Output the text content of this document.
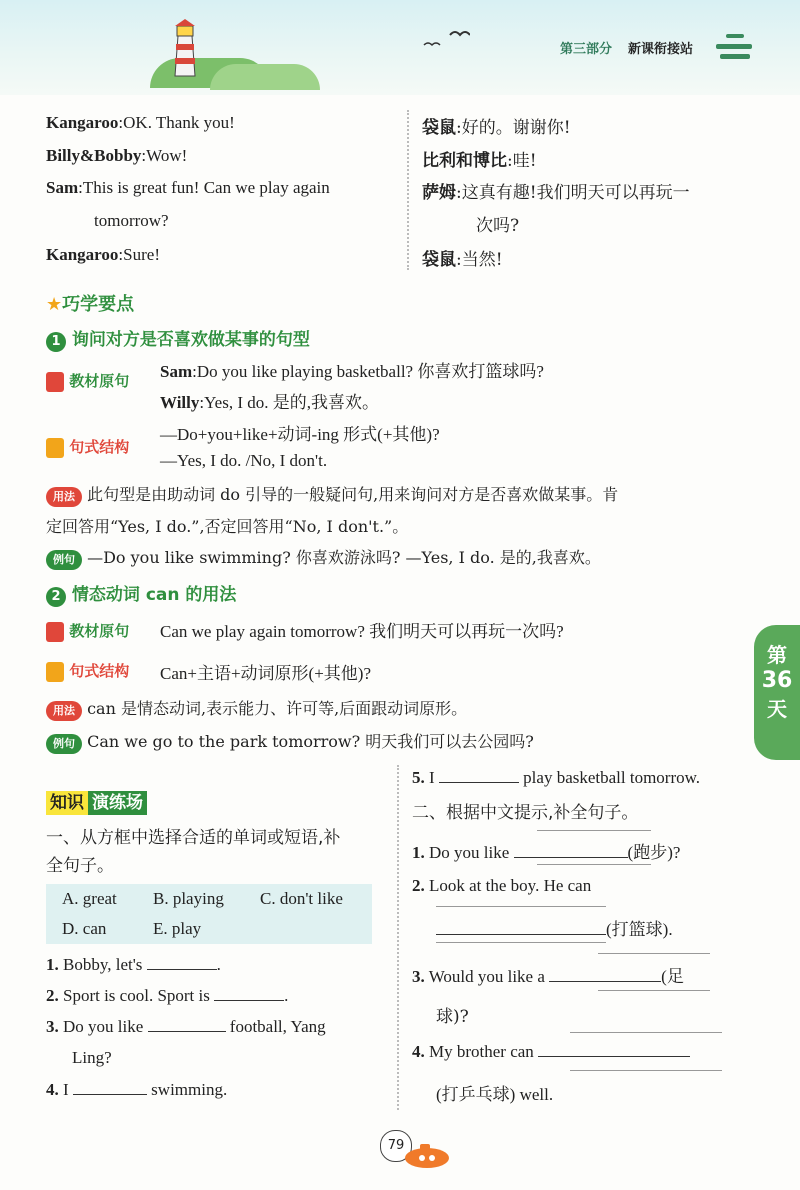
第三部分 新课衔接站
Kangaroo:OK. Thank you!
Billy&Bobby:Wow!
Sam:This is great fun! Can we play again
tomorrow?
Kangaroo:Sure!
袋鼠:好的。谢谢你!
比利和博比:哇!
萨姆:这真有趣!我们明天可以再玩一
次吗?
袋鼠:当然!
★巧学要点
1 询问对方是否喜欢做某事的句型
教材原句 Sam:Do you like playing basketball? 你喜欢打篮球吗?
Willy:Yes, I do. 是的,我喜欢。
句式结构
—Do+you+like+动词-ing 形式(+其他)?
—Yes, I do. /No, I don't.
用法 此句型是由助动词 do 引导的一般疑问句,用来询问对方是否喜欢做某事。肯
定回答用“Yes, I do.”,否定回答用“No, I don't.”。
例句 —Do you like swimming? 你喜欢游泳吗? —Yes, I do. 是的,我喜欢。
2 情态动词 can 的用法
教材原句 Can we play again tomorrow? 我们明天可以再玩一次吗?
句式结构 Can+主语+动词原形(+其他)?
用法 can 是情态动词,表示能力、许可等,后面跟动词原形。
例句 Can we go to the park tomorrow? 明天我们可以去公园吗?
知识 演练场
一、从方框中选择合适的单词或短语,补
全句子。
A. great B. playing C. don't like
D. can	E. play
1. Bobby, let's	.
2. Sport is cool. Sport is	.
3. Do you like	football, Yang
Ling?
4. I	swimming.
5. I	play basketball tomorrow.
二、根据中文提示,补全句子。
1. Do you like	(跑步)?
2. Look at the boy. He can
(打篮球).
3. Would you like a	(足
球)?
4. My brother can
(打乒乓球) well.
第
36
天
79
